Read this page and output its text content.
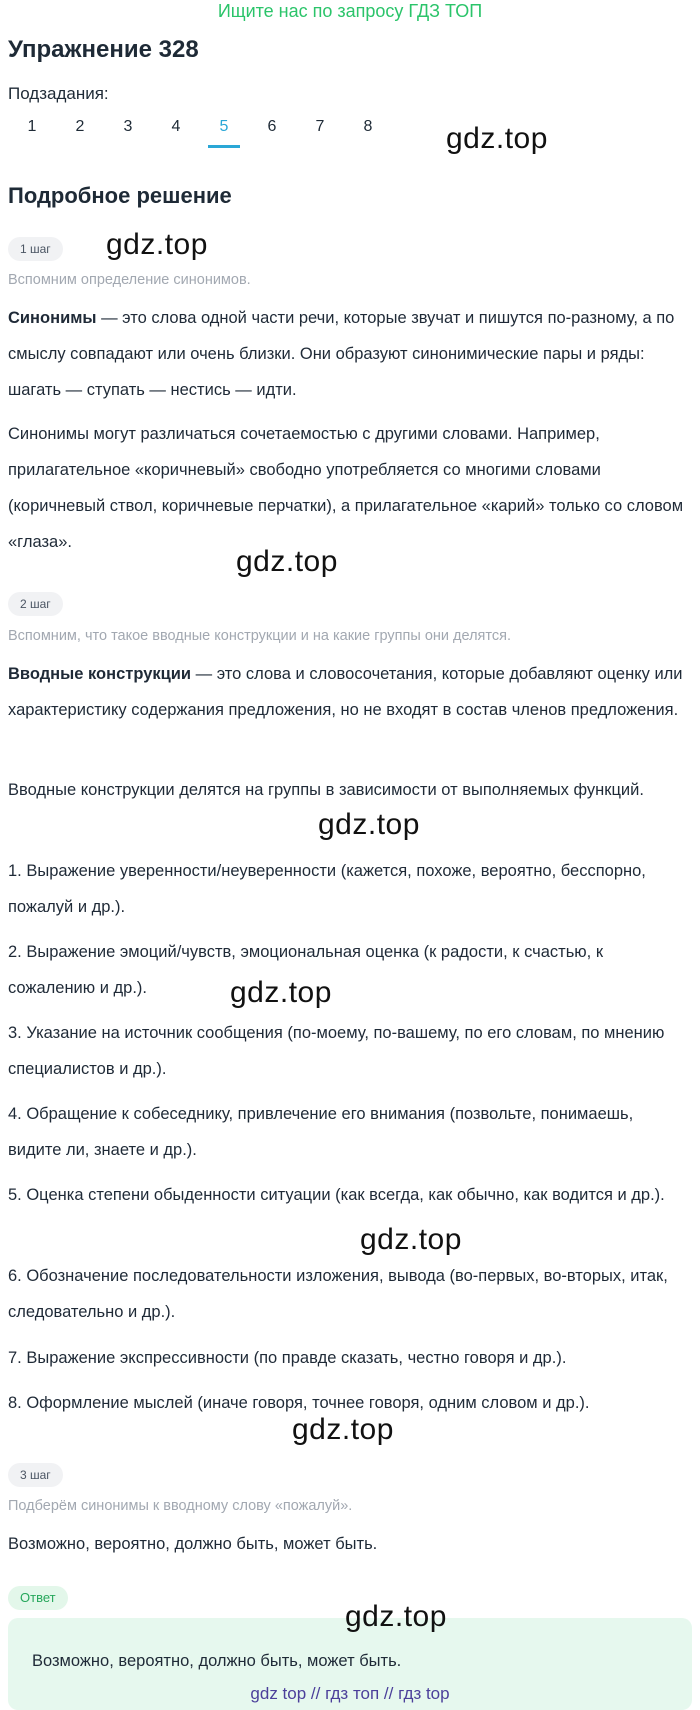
Ищите нас по запросу ГДЗ ТОП
Упражнение 328
Подзадания:
1	2	3	4	5	6	7	8	gdz.top
Подробное решение
1 шаг	gdz.top
Вспомним определение синонимов.
Синонимы — это слова одной части речи, которые звучат и пишутся по-разному, а по смыслу совпадают или очень близки. Они образуют синонимические пары и ряды: шагать — ступать — нестись — идти.
Синонимы могут различаться сочетаемостью с другими словами. Например, прилагательное «коричневый» свободно употребляется со многими словами (коричневый ствол, коричневые перчатки), а прилагательное «карий» только со словом «глаза».
gdz.top
2 шаг
Вспомним, что такое вводные конструкции и на какие группы они делятся.
Вводные конструкции — это слова и словосочетания, которые добавляют оценку или характеристику содержания предложения, но не входят в состав членов предложения.
Вводные конструкции делятся на группы в зависимости от выполняемых функций.
gdz.top
1. Выражение уверенности/неуверенности (кажется, похоже, вероятно, бесспорно, пожалуй и др.).
2. Выражение эмоций/чувств, эмоциональная оценка (к радости, к счастью, к сожалению и др.).	gdz.top
3. Указание на источник сообщения (по-моему, по-вашему, по его словам, по мнению специалистов и др.).
4. Обращение к собеседнику, привлечение его внимания (позвольте, понимаешь, видите ли, знаете и др.).
5. Оценка степени обыденности ситуации (как всегда, как обычно, как водится и др.).
gdz.top
6. Обозначение последовательности изложения, вывода (во-первых, во-вторых, итак, следовательно и др.).
7. Выражение экспрессивности (по правде сказать, честно говоря и др.).
8. Оформление мыслей (иначе говоря, точнее говоря, одним словом и др.).
gdz.top
3 шаг
Подберём синонимы к вводному слову «пожалуй».
Возможно, вероятно, должно быть, может быть.
Ответ
gdz.top
Возможно, вероятно, должно быть, может быть.
gdz top // гдз топ // гдз top
